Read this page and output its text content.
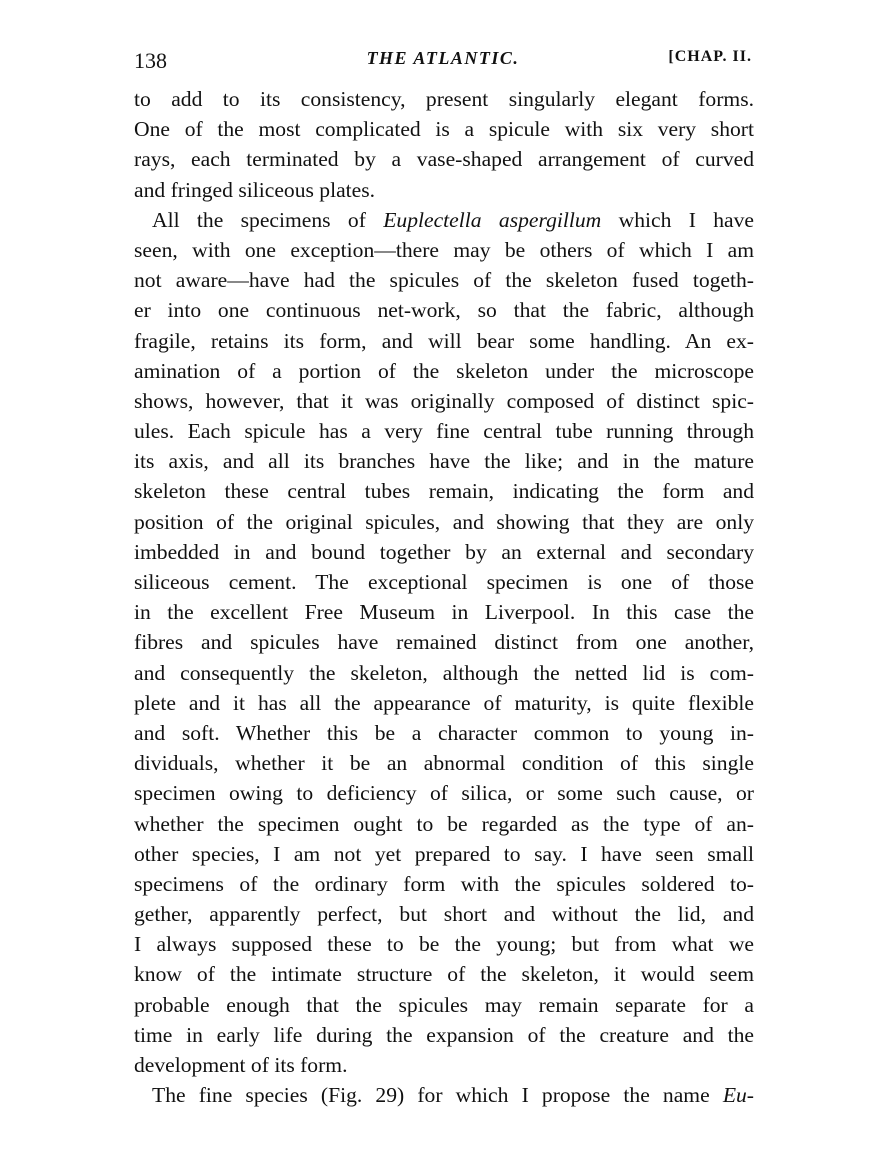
138	THE ATLANTIC.	[CHAP. II.
to add to its consistency, present singularly elegant forms.
One of the most complicated is a spicule with six very short
rays, each terminated by a vase-shaped arrangement of curved
and fringed siliceous plates.
All the specimens of Euplectella aspergillum which I have
seen, with one exception—there may be others of which I am
not aware—have had the spicules of the skeleton fused togeth-
er into one continuous net-work, so that the fabric, although
fragile, retains its form, and will bear some handling. An ex-
amination of a portion of the skeleton under the microscope
shows, however, that it was originally composed of distinct spic-
ules. Each spicule has a very fine central tube running through
its axis, and all its branches have the like; and in the mature
skeleton these central tubes remain, indicating the form and
position of the original spicules, and showing that they are only
imbedded in and bound together by an external and secondary
siliceous cement. The exceptional specimen is one of those
in the excellent Free Museum in Liverpool. In this case the
fibres and spicules have remained distinct from one another,
and consequently the skeleton, although the netted lid is com-
plete and it has all the appearance of maturity, is quite flexible
and soft. Whether this be a character common to young in-
dividuals, whether it be an abnormal condition of this single
specimen owing to deficiency of silica, or some such cause, or
whether the specimen ought to be regarded as the type of an-
other species, I am not yet prepared to say. I have seen small
specimens of the ordinary form with the spicules soldered to-
gether, apparently perfect, but short and without the lid, and
I always supposed these to be the young; but from what we
know of the intimate structure of the skeleton, it would seem
probable enough that the spicules may remain separate for a
time in early life during the expansion of the creature and the
development of its form.
The fine species (Fig. 29) for which I propose the name Eu-
